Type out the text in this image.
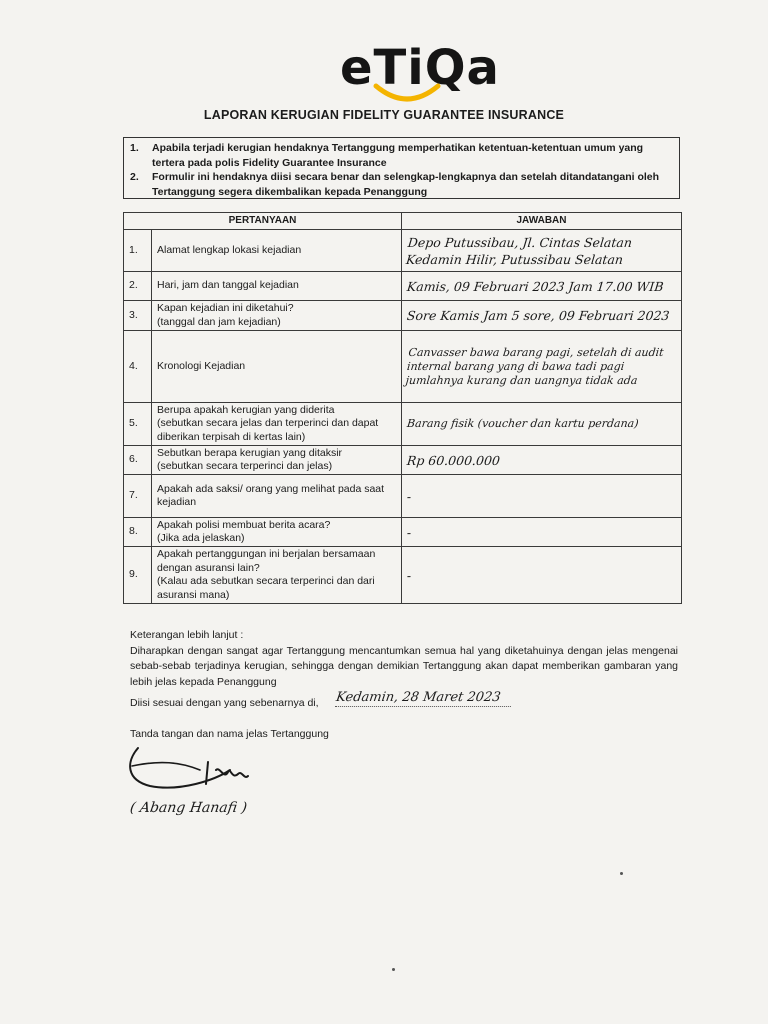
eTiQa
LAPORAN KERUGIAN FIDELITY GUARANTEE INSURANCE
1.	Apabila terjadi kerugian hendaknya Tertanggung memperhatikan ketentuan-ketentuan umum yang tertera pada polis Fidelity Guarantee Insurance
2.	Formulir ini hendaknya diisi secara benar dan selengkap-lengkapnya dan setelah ditandatangani oleh Tertanggung segera dikembalikan kepada Penanggung
PERTANYAAN		JAWABAN
1.	Alamat lengkap lokasi kejadian	Depo Putussibau, Jl. Cintas Selatan Kedamin Hilir, Putussibau Selatan

2.	Hari, jam dan tanggal kejadian	Kamis, 09 Februari 2023 Jam 17.00 WIB

3.	Kapan kejadian ini diketahui?
(tanggal dan jam kejadian)	Sore Kamis Jam 5 sore, 09 Februari 2023

4.	Kronologi Kejadian	Canvasser bawa barang pagi, setelah di audit internal barang yang di bawa tadi pagi jumlahnya kurang dan uangnya tidak ada

5.	Berupa apakah kerugian yang diderita
(sebutkan secara jelas dan terperinci dan dapat diberikan terpisah di kertas lain)	Barang fisik (voucher dan kartu perdana)

6.	Sebutkan berapa kerugian yang ditaksir
(sebutkan secara terperinci dan jelas)	Rp 60.000.000

7.	Apakah ada saksi/ orang yang melihat pada saat kejadian	-

8.	Apakah polisi membuat berita acara?
(Jika ada jelaskan)	-

9.	Apakah pertanggungan ini berjalan bersamaan dengan asuransi lain?
(Kalau ada sebutkan secara terperinci dan dari asuransi mana)	-
Keterangan lebih lanjut :
Diharapkan dengan sangat agar Tertanggung mencantumkan semua hal yang diketahuinya dengan jelas mengenai sebab-sebab terjadinya kerugian, sehingga dengan demikian Tertanggung akan dapat memberikan gambaran yang lebih jelas kepada Penanggung
Diisi sesuai dengan yang sebenarnya di, Kedamin, 28 Maret 2023
Tanda tangan dan nama jelas Tertanggung
( Abang Hanafi )
